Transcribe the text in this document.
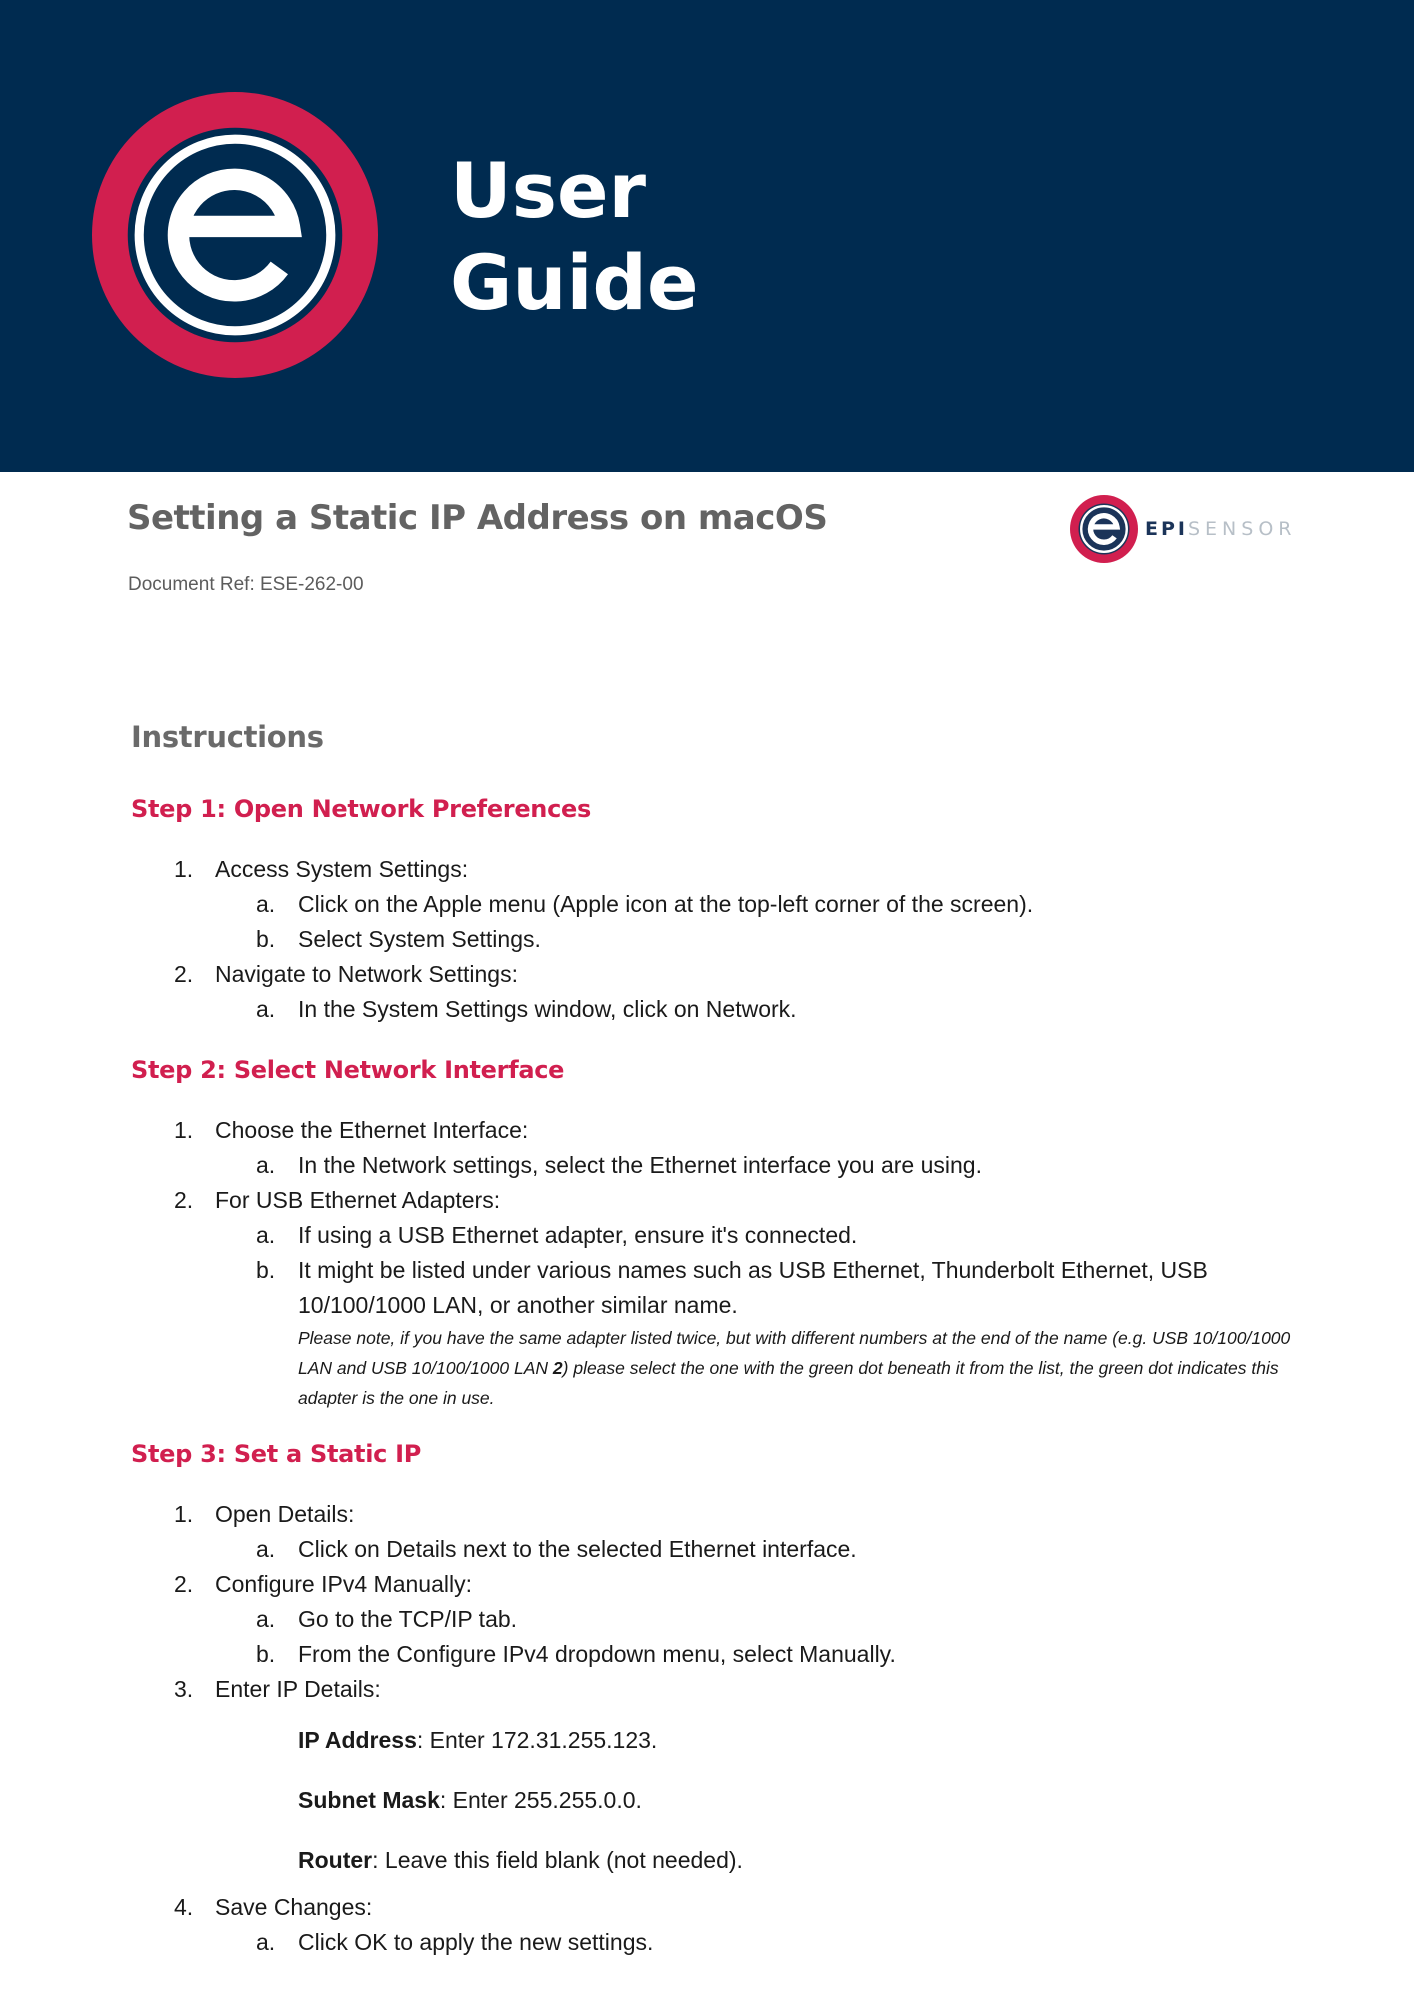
User
Guide
Setting a Static IP Address on macOS
Document Ref: ESE-262-00
EPISENSOR
Instructions
Step 1: Open Network Preferences
1. Access System Settings:
a. Click on the Apple menu (Apple icon at the top-left corner of the screen).
b. Select System Settings.
2. Navigate to Network Settings:
a. In the System Settings window, click on Network.
Step 2: Select Network Interface
1. Choose the Ethernet Interface:
a. In the Network settings, select the Ethernet interface you are using.
2. For USB Ethernet Adapters:
a. If using a USB Ethernet adapter, ensure it's connected.
b. It might be listed under various names such as USB Ethernet, Thunderbolt Ethernet, USB 10/100/1000 LAN, or another similar name.
Please note, if you have the same adapter listed twice, but with different numbers at the end of the name (e.g. USB 10/100/1000 LAN and USB 10/100/1000 LAN 2) please select the one with the green dot beneath it from the list, the green dot indicates this adapter is the one in use.
Step 3: Set a Static IP
1. Open Details:
a. Click on Details next to the selected Ethernet interface.
2. Configure IPv4 Manually:
a. Go to the TCP/IP tab.
b. From the Configure IPv4 dropdown menu, select Manually.
3. Enter IP Details:
IP Address: Enter 172.31.255.123.
Subnet Mask: Enter 255.255.0.0.
Router: Leave this field blank (not needed).
4. Save Changes:
a. Click OK to apply the new settings.
